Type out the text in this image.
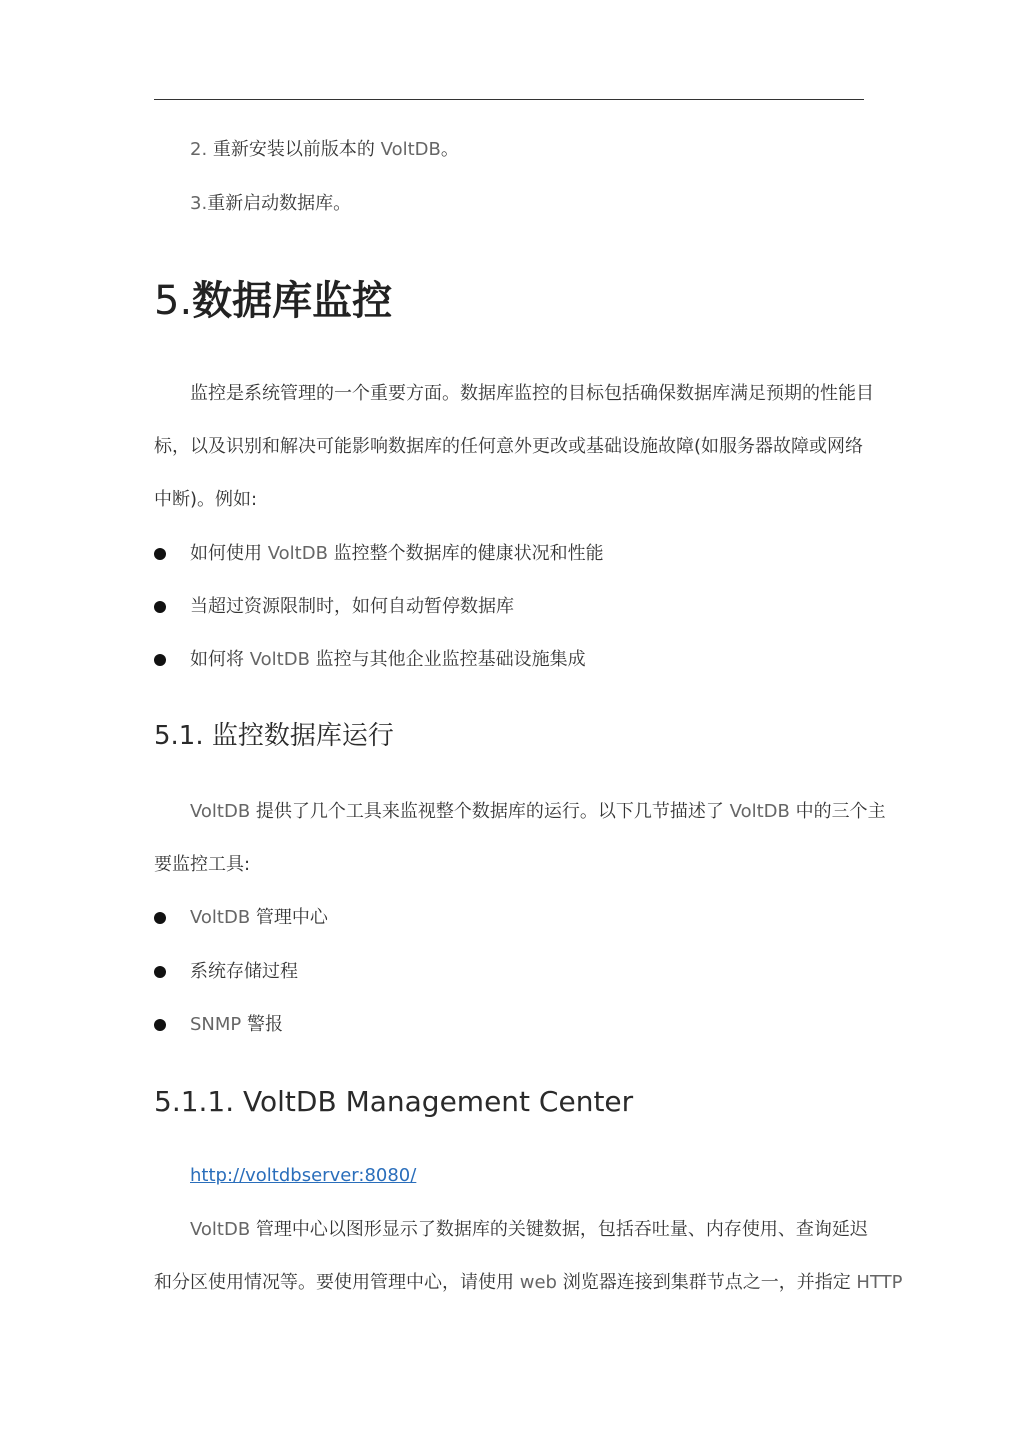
2. 重新安装以前版本的 VoltDB。
3.重新启动数据库。
5.数据库监控
监控是系统管理的一个重要方面。数据库监控的目标包括确保数据库满足预期的性能目
标，以及识别和解决可能影响数据库的任何意外更改或基础设施故障(如服务器故障或网络
中断)。例如:
如何使用 VoltDB 监控整个数据库的健康状况和性能
当超过资源限制时，如何自动暂停数据库
如何将 VoltDB 监控与其他企业监控基础设施集成
5.1. 监控数据库运行
VoltDB 提供了几个工具来监视整个数据库的运行。以下几节描述了 VoltDB 中的三个主
要监控工具:
VoltDB 管理中心
系统存储过程
SNMP 警报
5.1.1. VoltDB Management Center
http://voltdbserver:8080/
VoltDB 管理中心以图形显示了数据库的关键数据，包括吞吐量、内存使用、查询延迟
和分区使用情况等。要使用管理中心，请使用 web 浏览器连接到集群节点之一，并指定 HTTP
